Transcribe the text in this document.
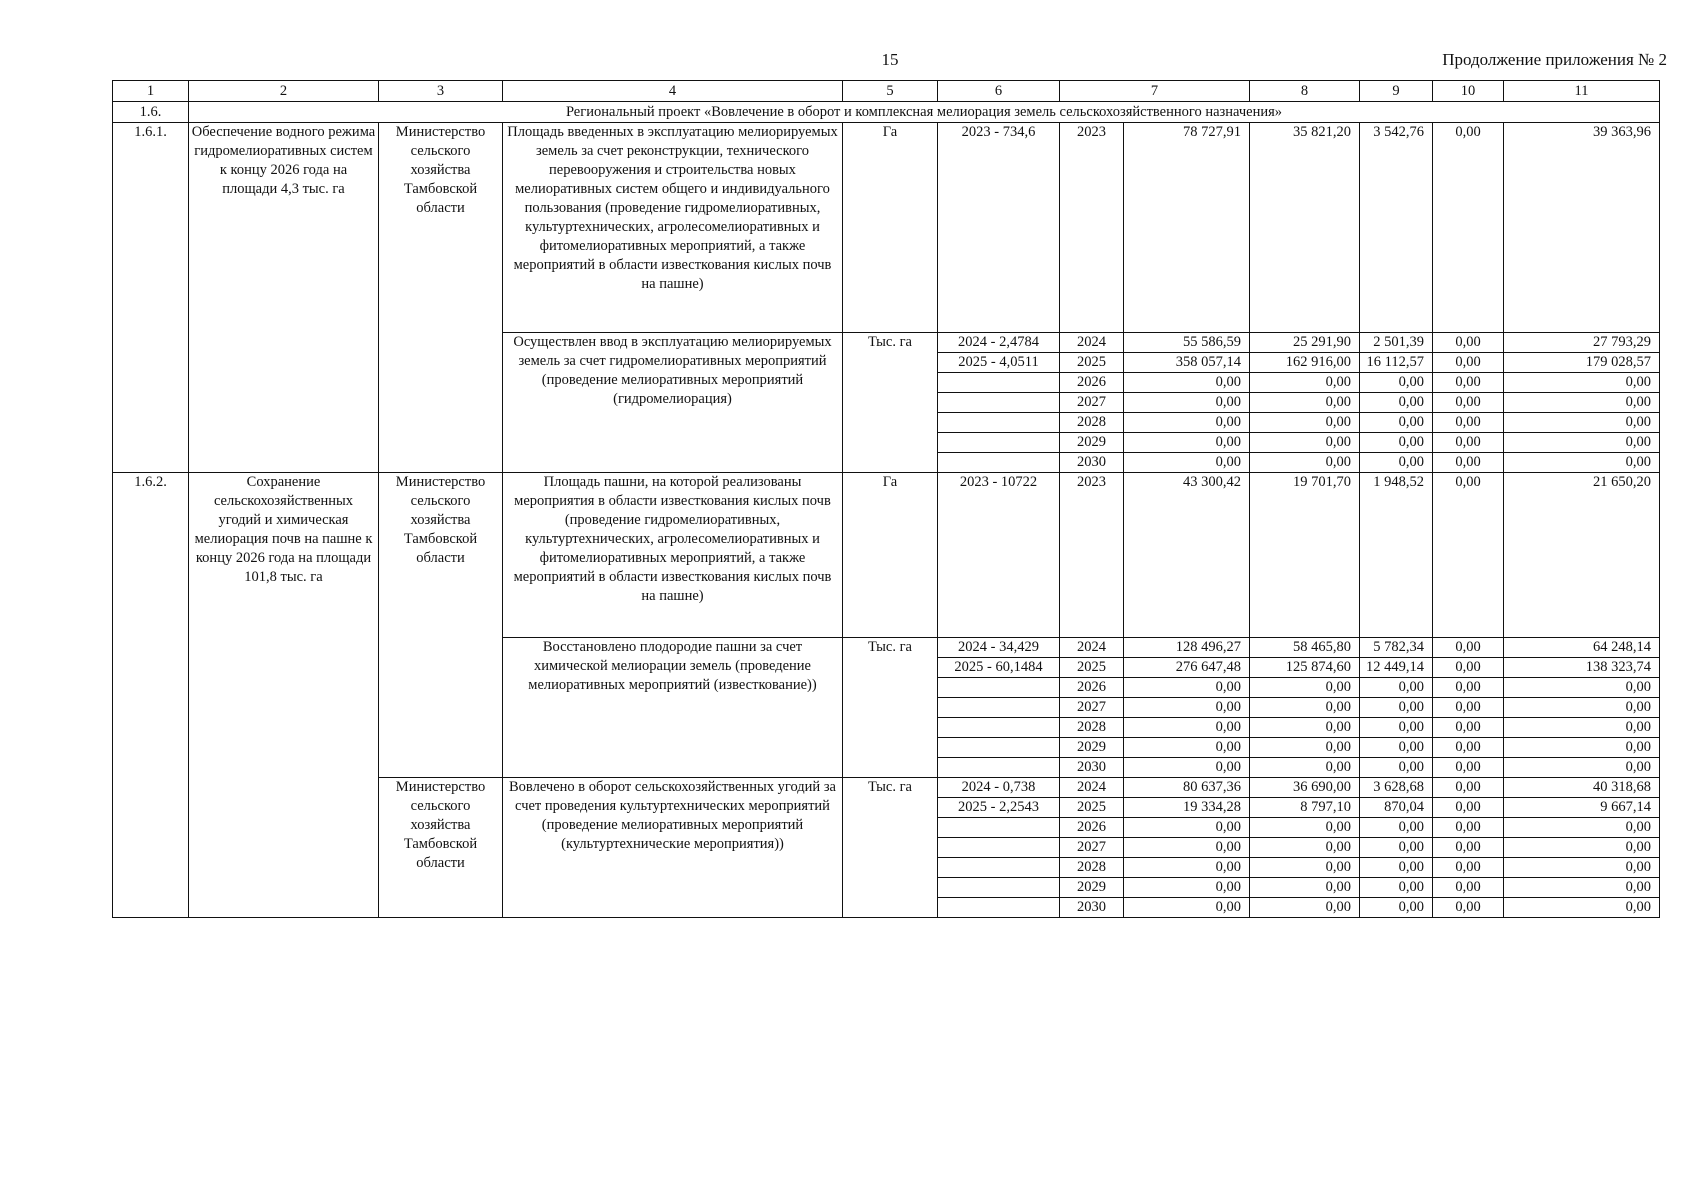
15	Продолжение приложения № 2
1	2	3	4	5	6	7		8	9	10	11
1.6.	Региональный проект «Вовлечение в оборот и комплексная мелиорация земель сельскохозяйственного назначения»										
1.6.1.	Обеспечение водного режима гидромелиоративных систем к концу 2026 года на площади 4,3 тыс. га	Министерство сельского хозяйства Тамбовской области	Площадь введенных в эксплуатацию мелиорируемых земель за счет реконструкции, технического перевооружения и строительства новых мелиоративных систем общего и индивидуального пользования (проведение гидромелиоративных, культуртехнических, агролесомелиоративных и фитомелиоративных мероприятий, а также мероприятий в области известкования кислых почв на пашне)	Га	2023 - 734,6	2023	78 727,91	35 821,20	3 542,76	0,00	39 363,96
			Осуществлен ввод в эксплуатацию мелиорируемых земель за счет гидромелиоративных мероприятий (проведение мелиоративных мероприятий (гидромелиорация)	Тыс. га	2024 - 2,4784	2024	55 586,59	25 291,90	2 501,39	0,00	27 793,29
					2025 - 4,0511	2025	358 057,14	162 916,00	16 112,57	0,00	179 028,57
						2026	0,00	0,00	0,00	0,00	0,00
						2027	0,00	0,00	0,00	0,00	0,00
						2028	0,00	0,00	0,00	0,00	0,00
						2029	0,00	0,00	0,00	0,00	0,00
						2030	0,00	0,00	0,00	0,00	0,00
1.6.2.	Сохранение сельскохозяйственных угодий и химическая мелиорация почв на пашне к концу 2026 года на площади 101,8 тыс. га	Министерство сельского хозяйства Тамбовской области	Площадь пашни, на которой реализованы мероприятия в области известкования кислых почв (проведение гидромелиоративных, культуртехнических, агролесомелиоративных и фитомелиоративных мероприятий, а также мероприятий в области известкования кислых почв на пашне)	Га	2023 - 10722	2023	43 300,42	19 701,70	1 948,52	0,00	21 650,20
			Восстановлено плодородие пашни за счет химической мелиорации земель (проведение мелиоративных мероприятий (известкование))	Тыс. га	2024 - 34,429	2024	128 496,27	58 465,80	5 782,34	0,00	64 248,14
					2025 - 60,1484	2025	276 647,48	125 874,60	12 449,14	0,00	138 323,74
						2026	0,00	0,00	0,00	0,00	0,00
						2027	0,00	0,00	0,00	0,00	0,00
						2028	0,00	0,00	0,00	0,00	0,00
						2029	0,00	0,00	0,00	0,00	0,00
						2030	0,00	0,00	0,00	0,00	0,00
		Министерство сельского хозяйства Тамбовской области	Вовлечено в оборот сельскохозяйственных угодий за счет проведения культуртехнических мероприятий (проведение мелиоративных мероприятий (культуртехнические мероприятия))	Тыс. га	2024 - 0,738	2024	80 637,36	36 690,00	3 628,68	0,00	40 318,68
					2025 - 2,2543	2025	19 334,28	8 797,10	870,04	0,00	9 667,14
						2026	0,00	0,00	0,00	0,00	0,00
						2027	0,00	0,00	0,00	0,00	0,00
						2028	0,00	0,00	0,00	0,00	0,00
						2029	0,00	0,00	0,00	0,00	0,00
						2030	0,00	0,00	0,00	0,00	0,00
